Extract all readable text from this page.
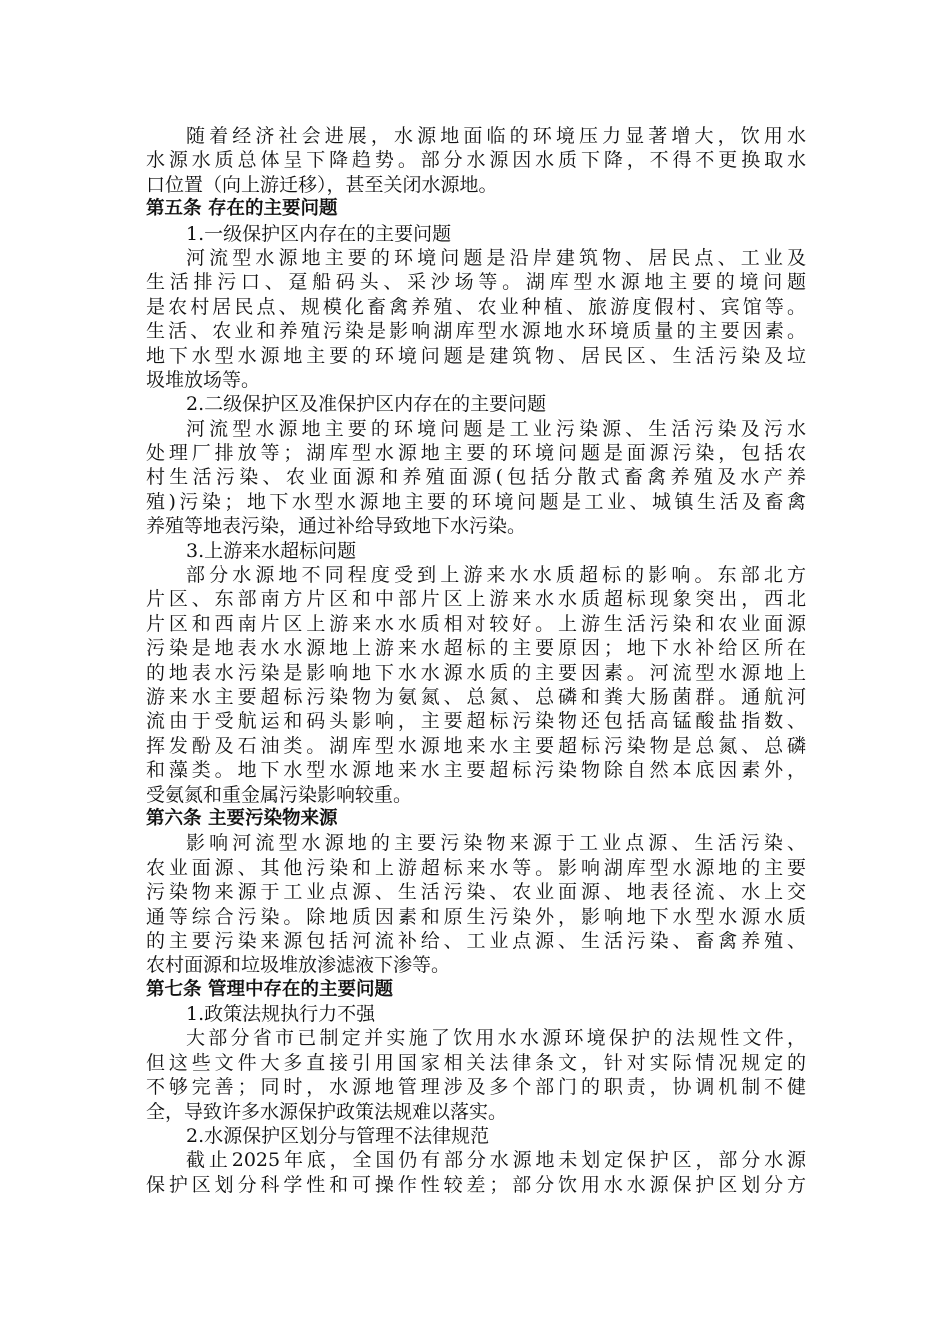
随着经济社会进展，水源地面临的环境压力显著增大，饮用水

水源水质总体呈下降趋势。部分水源因水质下降，不得不更换取水

口位置（向上游迁移），甚至关闭水源地。

第五条 存在的主要问题

1.一级保护区内存在的主要问题

河流型水源地主要的环境问题是沿岸建筑物、居民点、工业及

生活排污口、趸船码头、采沙场等。湖库型水源地主要的境问题

是农村居民点、规模化畜禽养殖、农业种植、旅游度假村、宾馆等。

生活、农业和养殖污染是影响湖库型水源地水环境质量的主要因素。

地下水型水源地主要的环境问题是建筑物、居民区、生活污染及垃

圾堆放场等。

2.二级保护区及准保护区内存在的主要问题

河流型水源地主要的环境问题是工业污染源、生活污染及污水

处理厂排放等；湖库型水源地主要的环境问题是面源污染，包括农

村生活污染、农业面源和养殖面源(包括分散式畜禽养殖及水产养

殖)污染；地下水型水源地主要的环境问题是工业、城镇生活及畜禽

养殖等地表污染，通过补给导致地下水污染。

3.上游来水超标问题

部分水源地不同程度受到上游来水水质超标的影响。东部北方

片区、东部南方片区和中部片区上游来水水质超标现象突出，西北

片区和西南片区上游来水水质相对较好。上游生活污染和农业面源

污染是地表水水源地上游来水超标的主要原因；地下水补给区所在

的地表水污染是影响地下水水源水质的主要因素。河流型水源地上

游来水主要超标污染物为氨氮、总氮、总磷和粪大肠菌群。通航河

流由于受航运和码头影响，主要超标污染物还包括高锰酸盐指数、

挥发酚及石油类。湖库型水源地来水主要超标污染物是总氮、总磷

和藻类。地下水型水源地来水主要超标污染物除自然本底因素外，

受氨氮和重金属污染影响较重。

第六条 主要污染物来源

影响河流型水源地的主要污染物来源于工业点源、生活污染、

农业面源、其他污染和上游超标来水等。影响湖库型水源地的主要

污染物来源于工业点源、生活污染、农业面源、地表径流、水上交

通等综合污染。除地质因素和原生污染外，影响地下水型水源水质

的主要污染来源包括河流补给、工业点源、生活污染、畜禽养殖、

农村面源和垃圾堆放渗滤液下渗等。

第七条 管理中存在的主要问题

1.政策法规执行力不强

大部分省市已制定并实施了饮用水水源环境保护的法规性文件，

但这些文件大多直接引用国家相关法律条文，针对实际情况规定的

不够完善；同时，水源地管理涉及多个部门的职责，协调机制不健

全，导致许多水源保护政策法规难以落实。

2.水源保护区划分与管理不法律规范

截止2025年底，全国仍有部分水源地未划定保护区，部分水源

保护区划分科学性和可操作性较差；部分饮用水水源保护区划分方
